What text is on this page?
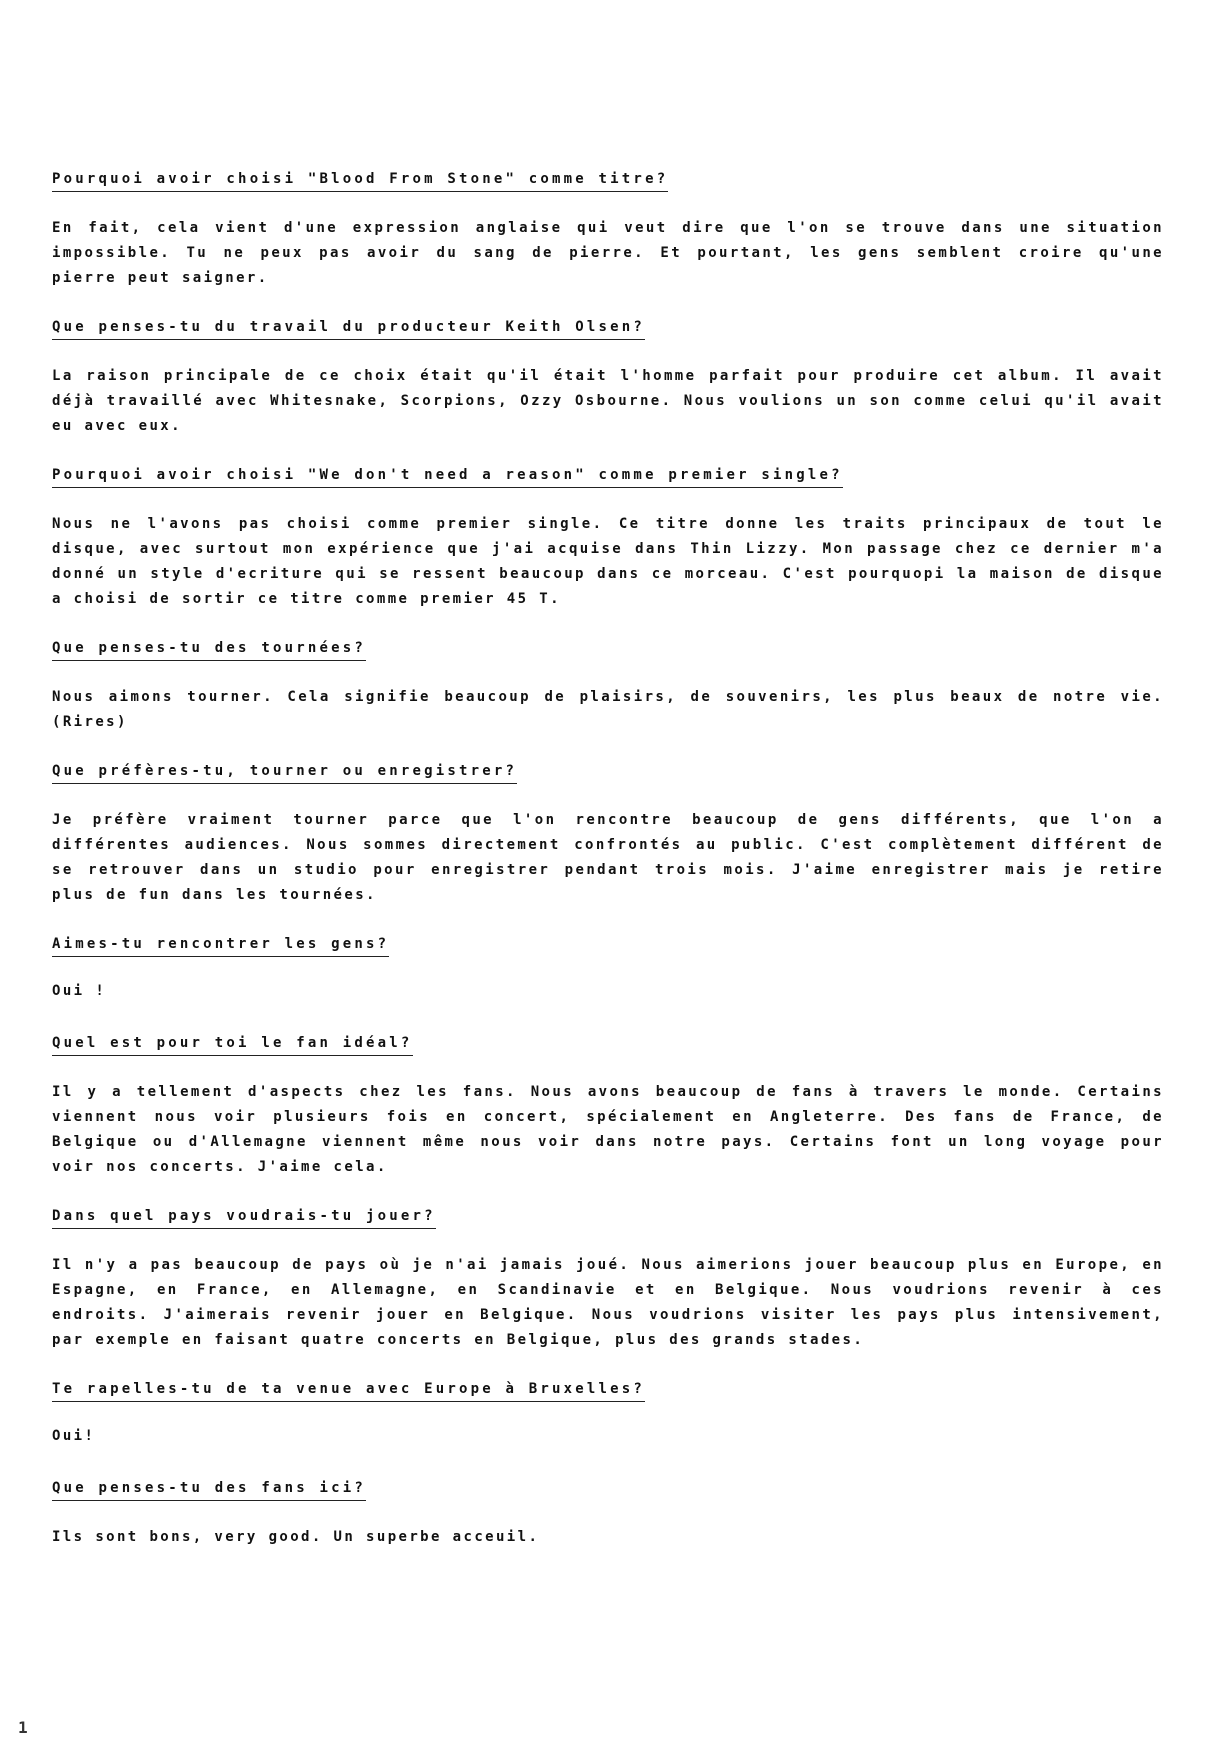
Pourquoi avoir choisi "Blood From Stone" comme titre?

En fait, cela vient d'une expression anglaise qui veut dire que l'on se trouve dans une situation impossible. Tu ne peux pas avoir du sang de pierre. Et pourtant, les gens semblent croire qu'une pierre peut saigner.

Que penses-tu du travail du producteur Keith Olsen?

La raison principale de ce choix était qu'il était l'homme parfait pour produire cet album. Il avait déjà travaillé avec Whitesnake, Scorpions, Ozzy Osbourne. Nous voulions un son comme celui qu'il avait eu avec eux.

Pourquoi avoir choisi "We don't need a reason" comme premier single?

Nous ne l'avons pas choisi comme premier single. Ce titre donne les traits principaux de tout le disque, avec surtout mon expérience que j'ai acquise dans Thin Lizzy. Mon passage chez ce dernier m'a donné un style d'ecriture qui se ressent beaucoup dans ce morceau. C'est pourquopi la maison de disque a choisi de sortir ce titre comme premier 45 T.

Que penses-tu des tournées?

Nous aimons tourner. Cela signifie beaucoup de plaisirs, de souvenirs, les plus beaux de notre vie. (Rires)

Que préfères-tu, tourner ou enregistrer?

Je préfère vraiment tourner parce que l'on rencontre beaucoup de gens différents, que l'on a différentes audiences. Nous sommes directement confrontés au public. C'est complètement différent de se retrouver dans un studio pour enregistrer pendant trois mois. J'aime enregistrer mais je retire plus de fun dans les tournées.

Aimes-tu rencontrer les gens?

Oui !

Quel est pour toi le fan idéal?

Il y a tellement d'aspects chez les fans. Nous avons beaucoup de fans à travers le monde. Certains viennent nous voir plusieurs fois en concert, spécialement en Angleterre. Des fans de France, de Belgique ou d'Allemagne viennent même nous voir dans notre pays. Certains font un long voyage pour voir nos concerts. J'aime cela.

Dans quel pays voudrais-tu jouer?

Il n'y a pas beaucoup de pays où je n'ai jamais joué. Nous aimerions jouer beaucoup plus en Europe, en Espagne, en France, en Allemagne, en Scandinavie et en Belgique. Nous voudrions revenir à ces endroits. J'aimerais revenir jouer en Belgique. Nous voudrions visiter les pays plus intensivement, par exemple en faisant quatre concerts en Belgique, plus des grands stades.

Te rapelles-tu de ta venue avec Europe à Bruxelles?

Oui!

Que penses-tu des fans ici?

Ils sont bons, very good. Un superbe acceuil.

1
